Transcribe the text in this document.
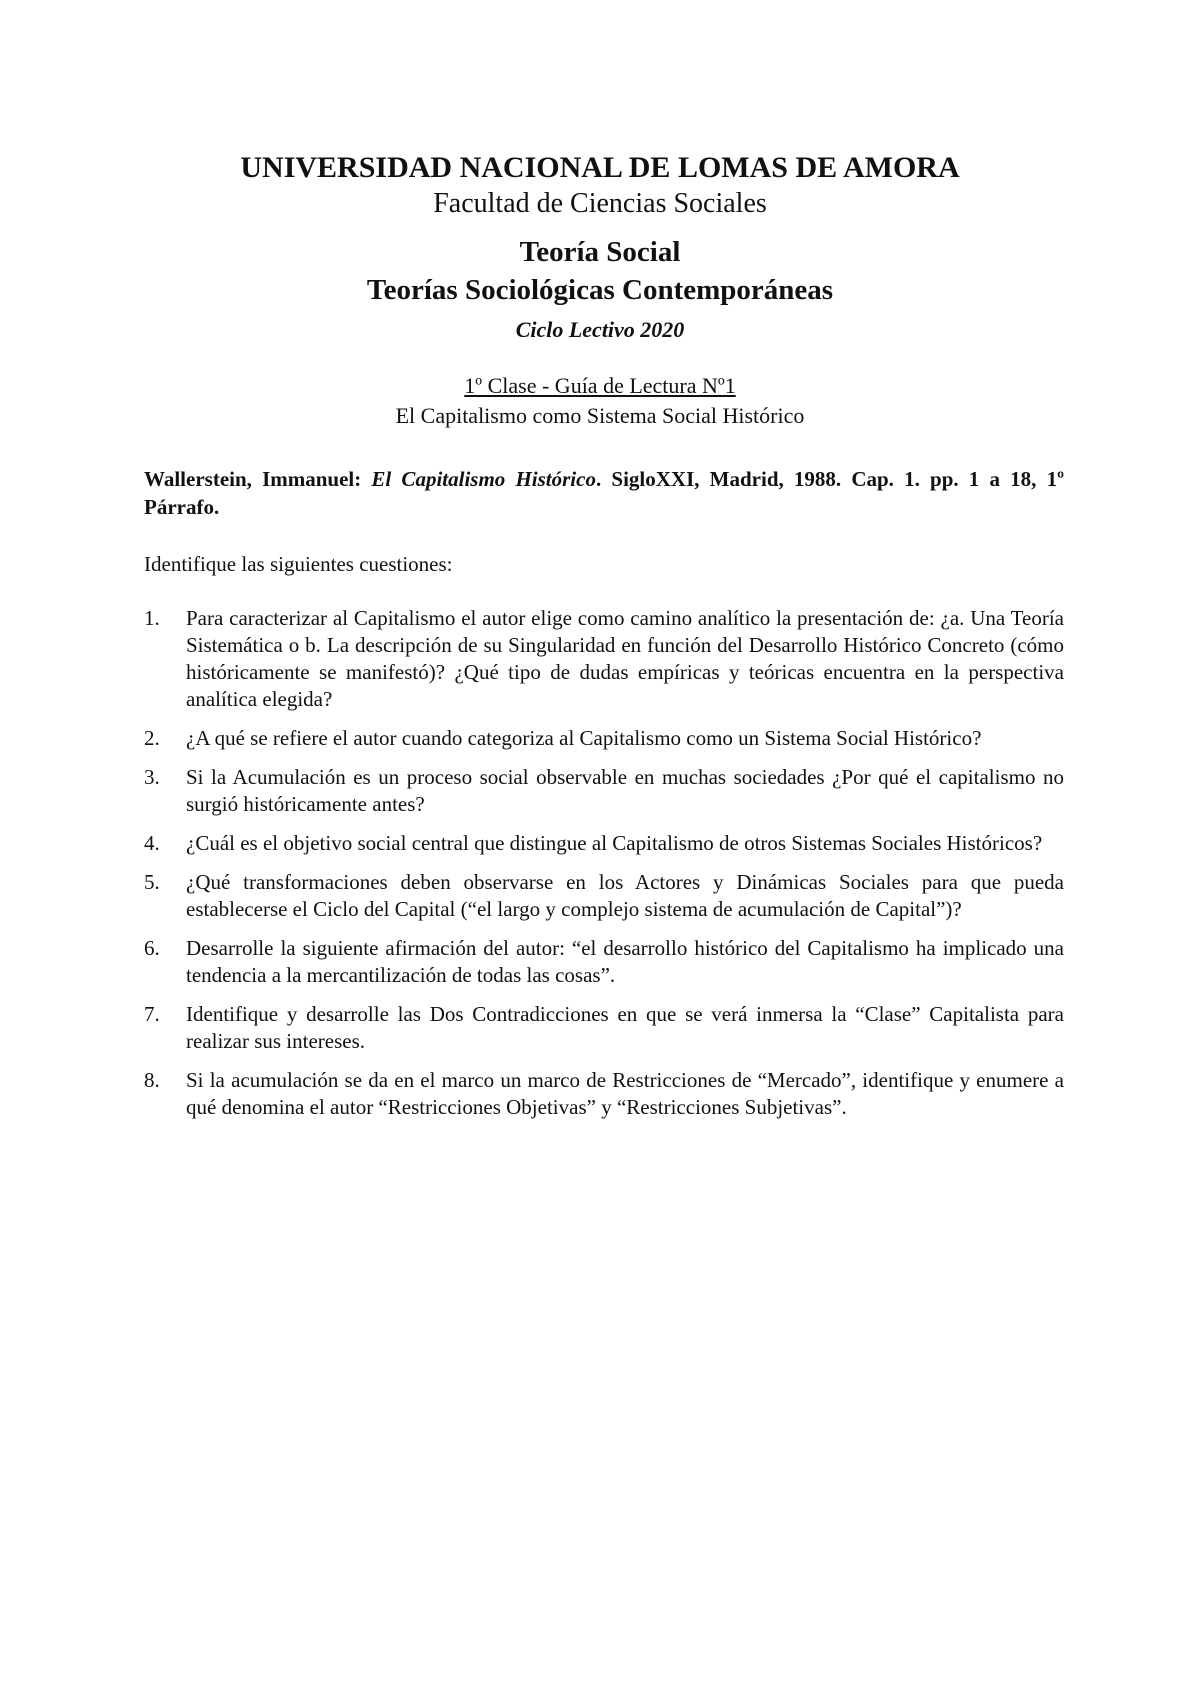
UNIVERSIDAD NACIONAL DE LOMAS DE AMORA

Facultad de Ciencias Sociales

Teoría Social

Teorías Sociológicas Contemporáneas

Ciclo Lectivo 2020

1º Clase - Guía de Lectura Nº1

El Capitalismo como Sistema Social Histórico

Wallerstein, Immanuel: El Capitalismo Histórico. SigloXXI, Madrid, 1988. Cap. 1. pp. 1 a 18, 1º Párrafo.

Identifique las siguientes cuestiones:

1. Para caracterizar al Capitalismo el autor elige como camino analítico la presentación de: ¿a. Una Teoría Sistemática o b. La descripción de su Singularidad en función del Desarrollo Histórico Concreto (cómo históricamente se manifestó)? ¿Qué tipo de dudas empíricas y teóricas encuentra en la perspectiva analítica elegida?
2. ¿A qué se refiere el autor cuando categoriza al Capitalismo como un Sistema Social Histórico?
3. Si la Acumulación es un proceso social observable en muchas sociedades ¿Por qué el capitalismo no surgió históricamente antes?
4. ¿Cuál es el objetivo social central que distingue al Capitalismo de otros Sistemas Sociales Históricos?
5. ¿Qué transformaciones deben observarse en los Actores y Dinámicas Sociales para que pueda establecerse el Ciclo del Capital (“el largo y complejo sistema de acumulación de Capital”)?
6. Desarrolle la siguiente afirmación del autor: “el desarrollo histórico del Capitalismo ha implicado una tendencia a la mercantilización de todas las cosas”.
7. Identifique y desarrolle las Dos Contradicciones en que se verá inmersa la “Clase” Capitalista para realizar sus intereses.
8. Si la acumulación se da en el marco un marco de Restricciones de “Mercado”, identifique y enumere a qué denomina el autor “Restricciones Objetivas” y “Restricciones Subjetivas”.
